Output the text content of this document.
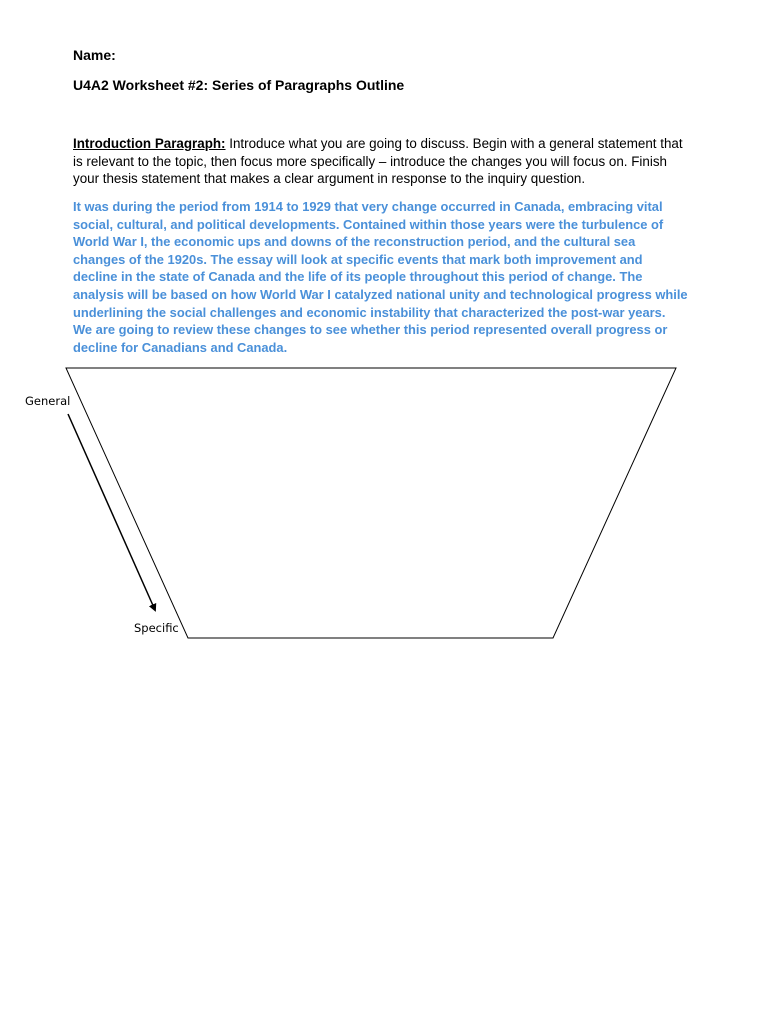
Name:
U4A2 Worksheet #2: Series of Paragraphs Outline

Introduction Paragraph: Introduce what you are going to discuss. Begin with a general statement that is relevant to the topic, then focus more specifically – introduce the changes you will focus on. Finish your thesis statement that makes a clear argument in response to the inquiry question.

It was during the period from 1914 to 1929 that very change occurred in Canada, embracing vital social, cultural, and political developments. Contained within those years were the turbulence of World War I, the economic ups and downs of the reconstruction period, and the cultural sea changes of the 1920s. The essay will look at specific events that mark both improvement and decline in the state of Canada and the life of its people throughout this period of change. The analysis will be based on how World War I catalyzed national unity and technological progress while underlining the social challenges and economic instability that characterized the post-war years. We are going to review these changes to see whether this period represented overall progress or decline for Canadians and Canada.

General
Specific
